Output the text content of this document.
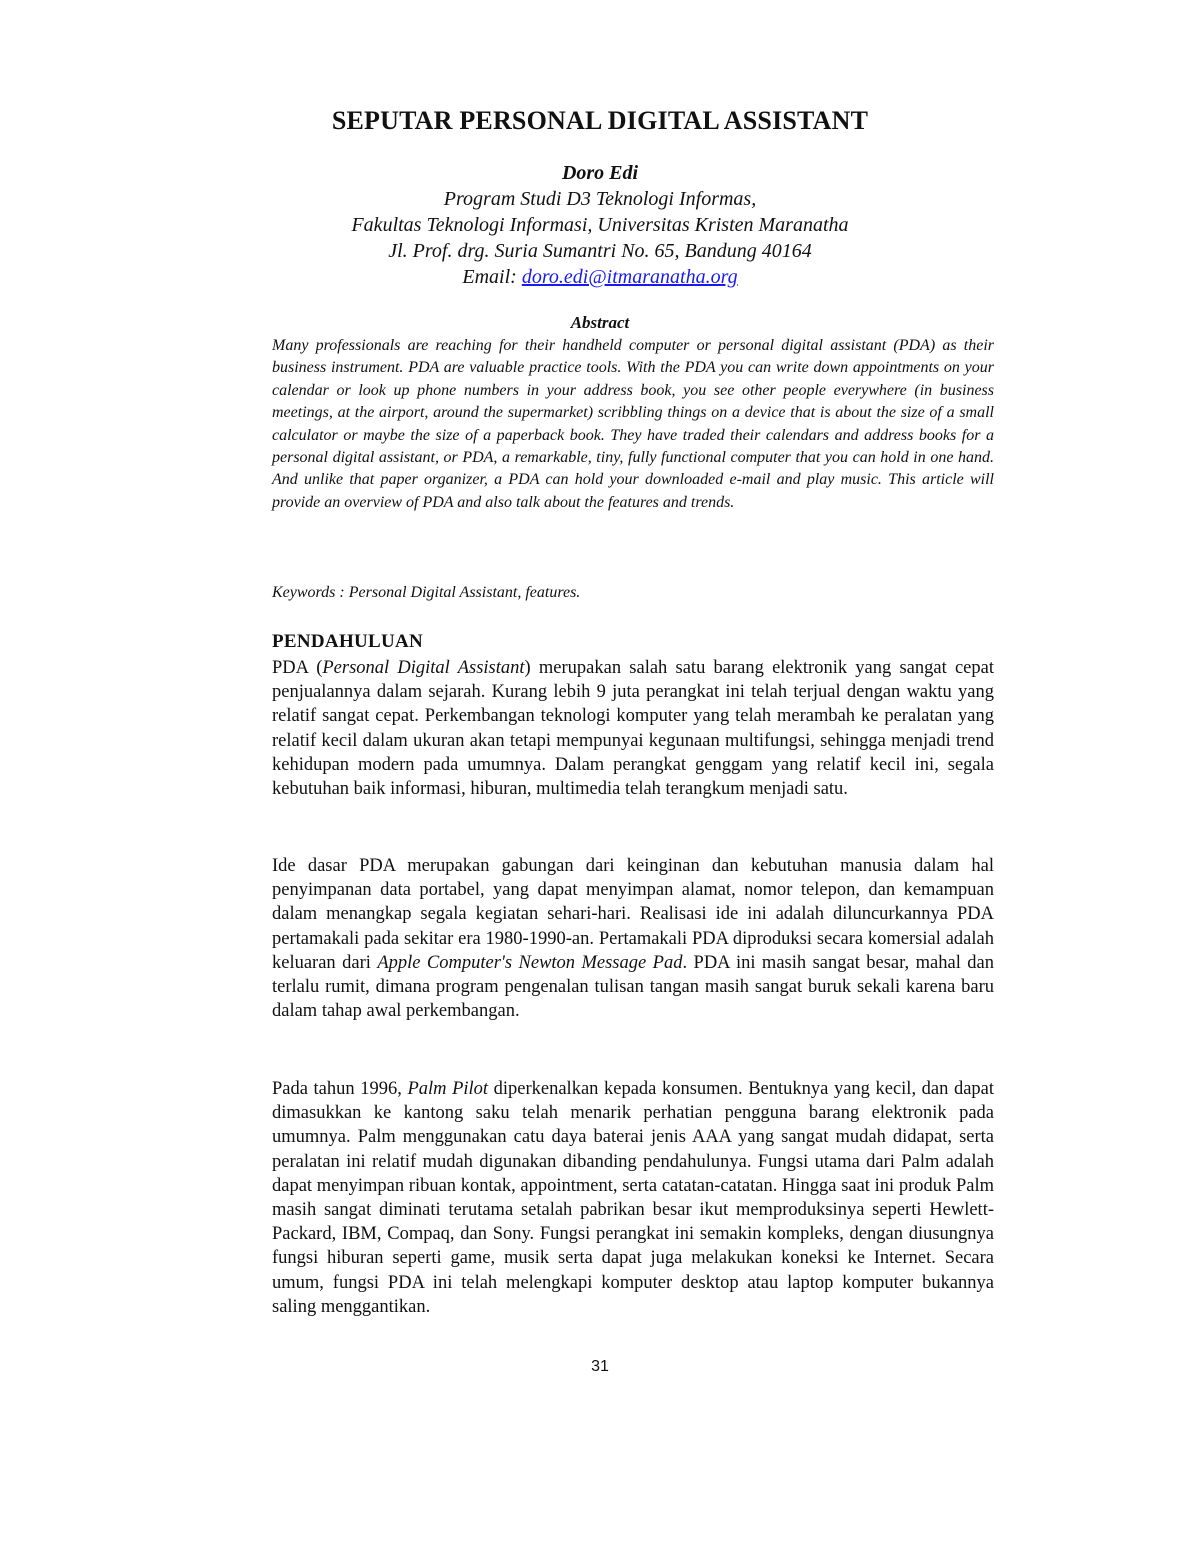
SEPUTAR PERSONAL DIGITAL ASSISTANT
Doro Edi
Program Studi D3 Teknologi Informas,
Fakultas Teknologi Informasi, Universitas Kristen Maranatha
Jl. Prof. drg. Suria Sumantri No. 65, Bandung 40164
Email: doro.edi@itmaranatha.org
Abstract

Many professionals are reaching for their handheld computer or personal digital assistant (PDA) as their business instrument. PDA are valuable practice tools. With the PDA you can write down appointments on your calendar or look up phone numbers in your address book, you see other people everywhere (in business meetings, at the airport, around the supermarket) scribbling things on a device that is about the size of a small calculator or maybe the size of a paperback book. They have traded their calendars and address books for a personal digital assistant, or PDA, a remarkable, tiny, fully functional computer that you can hold in one hand. And unlike that paper organizer, a PDA can hold your downloaded e-mail and play music. This article will provide an overview of PDA and also talk about the features and trends.

Keywords : Personal Digital Assistant, features.

PENDAHULUAN

PDA (Personal Digital Assistant) merupakan salah satu barang elektronik yang sangat cepat penjualannya dalam sejarah. Kurang lebih 9 juta perangkat ini telah terjual dengan waktu yang relatif sangat cepat. Perkembangan teknologi komputer yang telah merambah ke peralatan yang relatif kecil dalam ukuran akan tetapi mempunyai kegunaan multifungsi, sehingga menjadi trend kehidupan modern pada umumnya. Dalam perangkat genggam yang relatif kecil ini, segala kebutuhan baik informasi, hiburan, multimedia telah terangkum menjadi satu.

Ide dasar PDA merupakan gabungan dari keinginan dan kebutuhan manusia dalam hal penyimpanan data portabel, yang dapat menyimpan alamat, nomor telepon, dan kemampuan dalam menangkap segala kegiatan sehari-hari. Realisasi ide ini adalah diluncurkannya PDA pertamakali pada sekitar era 1980-1990-an. Pertamakali PDA diproduksi secara komersial adalah keluaran dari Apple Computer's Newton Message Pad. PDA ini masih sangat besar, mahal dan terlalu rumit, dimana program pengenalan tulisan tangan masih sangat buruk sekali karena baru dalam tahap awal perkembangan.

Pada tahun 1996, Palm Pilot diperkenalkan kepada konsumen. Bentuknya yang kecil, dan dapat dimasukkan ke kantong saku telah menarik perhatian pengguna barang elektronik pada umumnya. Palm menggunakan catu daya baterai jenis AAA yang sangat mudah didapat, serta peralatan ini relatif mudah digunakan dibanding pendahulunya. Fungsi utama dari Palm adalah dapat menyimpan ribuan kontak, appointment, serta catatan-catatan. Hingga saat ini produk Palm masih sangat diminati terutama setalah pabrikan besar ikut memproduksinya seperti Hewlett-Packard, IBM, Compaq, dan Sony. Fungsi perangkat ini semakin kompleks, dengan diusungnya fungsi hiburan seperti game, musik serta dapat juga melakukan koneksi ke Internet. Secara umum, fungsi PDA ini telah melengkapi komputer desktop atau laptop komputer bukannya saling menggantikan.

31
